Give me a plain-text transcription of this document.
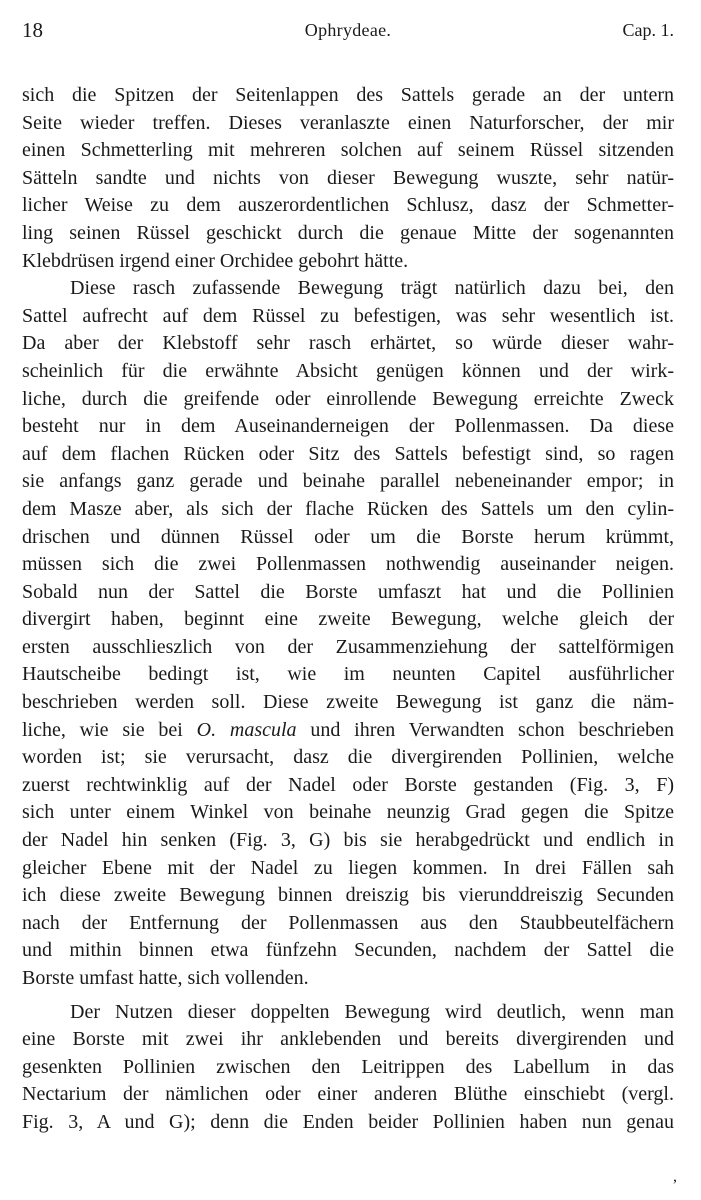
18	Ophrydeae.	Cap. 1.

sich die Spitzen der Seitenlappen des Sattels gerade an der untern
Seite wieder treffen. Dieses veranlaszte einen Naturforscher, der mir
einen Schmetterling mit mehreren solchen auf seinem Rüssel sitzenden
Sätteln sandte und nichts von dieser Bewegung wuszte, sehr natür-
licher Weise zu dem auszerordentlichen Schlusz, dasz der Schmetter-
ling seinen Rüssel geschickt durch die genaue Mitte der sogenannten
Klebdrüsen irgend einer Orchidee gebohrt hätte.

Diese rasch zufassende Bewegung trägt natürlich dazu bei, den
Sattel aufrecht auf dem Rüssel zu befestigen, was sehr wesentlich ist.
Da aber der Klebstoff sehr rasch erhärtet, so würde dieser wahr-
scheinlich für die erwähnte Absicht genügen können und der wirk-
liche, durch die greifende oder einrollende Bewegung erreichte Zweck
besteht nur in dem Auseinanderneigen der Pollenmassen. Da diese
auf dem flachen Rücken oder Sitz des Sattels befestigt sind, so ragen
sie anfangs ganz gerade und beinahe parallel nebeneinander empor; in
dem Masze aber, als sich der flache Rücken des Sattels um den cylin-
drischen und dünnen Rüssel oder um die Borste herum krümmt,
müssen sich die zwei Pollenmassen nothwendig auseinander neigen.
Sobald nun der Sattel die Borste umfaszt hat und die Pollinien
divergirt haben, beginnt eine zweite Bewegung, welche gleich der
ersten ausschlieszlich von der Zusammenziehung der sattelförmigen
Hautscheibe bedingt ist, wie im neunten Capitel ausführlicher
beschrieben werden soll. Diese zweite Bewegung ist ganz die näm-
liche, wie sie bei O. mascula und ihren Verwandten schon beschrieben
worden ist; sie verursacht, dasz die divergirenden Pollinien, welche
zuerst rechtwinklig auf der Nadel oder Borste gestanden (Fig. 3, F)
sich unter einem Winkel von beinahe neunzig Grad gegen die Spitze
der Nadel hin senken (Fig. 3, G) bis sie herabgedrückt und endlich in
gleicher Ebene mit der Nadel zu liegen kommen. In drei Fällen sah
ich diese zweite Bewegung binnen dreiszig bis vierunddreiszig Secunden
nach der Entfernung der Pollenmassen aus den Staubbeutelfächern
und mithin binnen etwa fünfzehn Secunden, nachdem der Sattel die
Borste umfast hatte, sich vollenden.

Der Nutzen dieser doppelten Bewegung wird deutlich, wenn man
eine Borste mit zwei ihr anklebenden und bereits divergirenden und
gesenkten Pollinien zwischen den Leitrippen des Labellum in das
Nectarium der nämlichen oder einer anderen Blüthe einschiebt (vergl.
Fig. 3, A und G); denn die Enden beider Pollinien haben nun genau

,
